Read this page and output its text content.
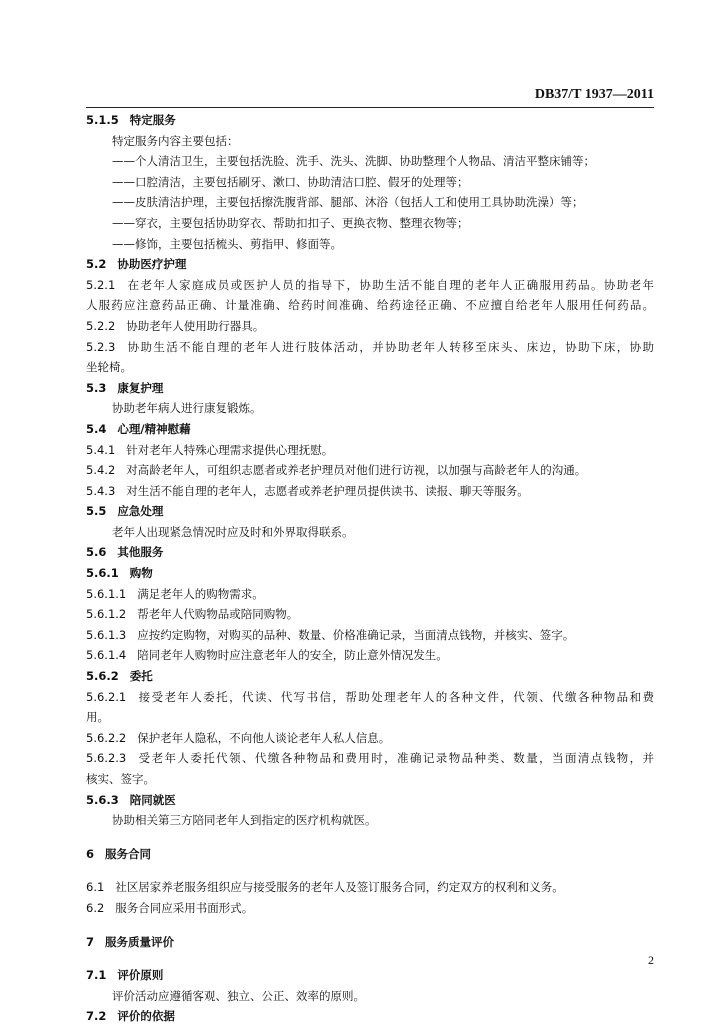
DB37/T 1937—2011
5.1.5 特定服务
特定服务内容主要包括：
——个人清洁卫生，主要包括洗脸、洗手、洗头、洗脚、协助整理个人物品、清洁平整床铺等；
——口腔清洁，主要包括刷牙、漱口、协助清洁口腔、假牙的处理等；
——皮肤清洁护理，主要包括擦洗腹背部、腿部、沐浴（包括人工和使用工具协助洗澡）等；
——穿衣，主要包括协助穿衣、帮助扣扣子、更换衣物、整理衣物等；
——修饰，主要包括梳头、剪指甲、修面等。
5.2 协助医疗护理
5.2.1 在老年人家庭成员或医护人员的指导下，协助生活不能自理的老年人正确服用药品。协助老年
人服药应注意药品正确、计量准确、给药时间准确、给药途径正确、不应擅自给老年人服用任何药品。
5.2.2 协助老年人使用助行器具。
5.2.3 协助生活不能自理的老年人进行肢体活动，并协助老年人转移至床头、床边，协助下床，协助
坐轮椅。
5.3 康复护理
协助老年病人进行康复锻炼。
5.4 心理/精神慰藉
5.4.1 针对老年人特殊心理需求提供心理抚慰。
5.4.2 对高龄老年人，可组织志愿者或养老护理员对他们进行访视，以加强与高龄老年人的沟通。
5.4.3 对生活不能自理的老年人，志愿者或养老护理员提供读书、读报、聊天等服务。
5.5 应急处理
老年人出现紧急情况时应及时和外界取得联系。
5.6 其他服务
5.6.1 购物
5.6.1.1 满足老年人的购物需求。
5.6.1.2 帮老年人代购物品或陪同购物。
5.6.1.3 应按约定购物，对购买的品种、数量、价格准确记录，当面清点钱物，并核实、签字。
5.6.1.4 陪同老年人购物时应注意老年人的安全，防止意外情况发生。
5.6.2 委托
5.6.2.1 接受老年人委托，代读、代写书信，帮助处理老年人的各种文件，代领、代缴各种物品和费
用。
5.6.2.2 保护老年人隐私，不向他人谈论老年人私人信息。
5.6.2.3 受老年人委托代领、代缴各种物品和费用时，准确记录物品种类、数量，当面清点钱物，并
核实、签字。
5.6.3 陪同就医
协助相关第三方陪同老年人到指定的医疗机构就医。
6 服务合同
6.1 社区居家养老服务组织应与接受服务的老年人及签订服务合同，约定双方的权利和义务。
6.2 服务合同应采用书面形式。
7 服务质量评价
7.1 评价原则
评价活动应遵循客观、独立、公正、效率的原则。
7.2 评价的依据
2
